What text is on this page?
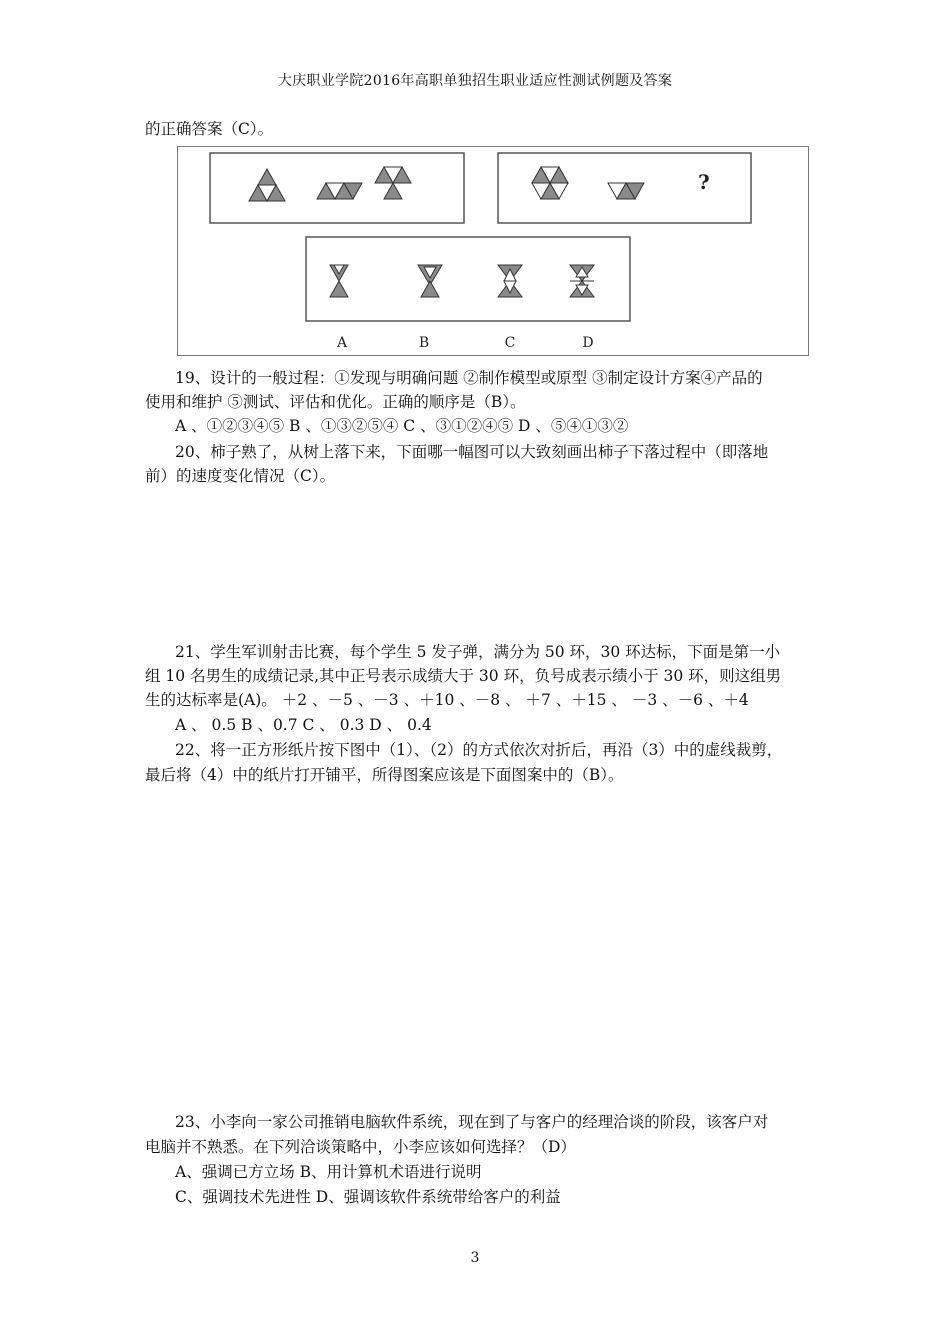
大庆职业学院2016年高职单独招生职业适应性测试例题及答案
的正确答案（C）。
?
A	B	C	D
19、设计的一般过程：①发现与明确问题 ②制作模型或原型 ③制定设计方案④产品的
使用和维护 ⑤测试、评估和优化。正确的顺序是（B）。
A 、①②③④⑤ B 、①③②⑤④ C 、③①②④⑤ D 、⑤④①③②
20、柿子熟了，从树上落下来，下面哪一幅图可以大致刻画出柿子下落过程中（即落地
前）的速度变化情况（C）。
21、学生军训射击比赛，每个学生 5 发子弹，满分为 50 环，30 环达标，下面是第一小
组 10 名男生的成绩记录,其中正号表示成绩大于 30 环，负号成表示绩小于 30 环，则这组男
生的达标率是(A)。 ＋2 、－5 、－3 、＋10 、－8 、 ＋7 、＋15 、 －3 、－6 、＋4
A 、 0.5 B 、0.7 C 、 0.3 D 、 0.4
22、将一正方形纸片按下图中（1）、（2）的方式依次对折后，再沿（3）中的虚线裁剪，
最后将（4）中的纸片打开铺平，所得图案应该是下面图案中的（B）。
23、小李向一家公司推销电脑软件系统，现在到了与客户的经理洽谈的阶段，该客户对
电脑并不熟悉。在下列洽谈策略中，小李应该如何选择？（D）
A、强调已方立场 B、用计算机术语进行说明
C、强调技术先进性 D、强调该软件系统带给客户的利益
3
